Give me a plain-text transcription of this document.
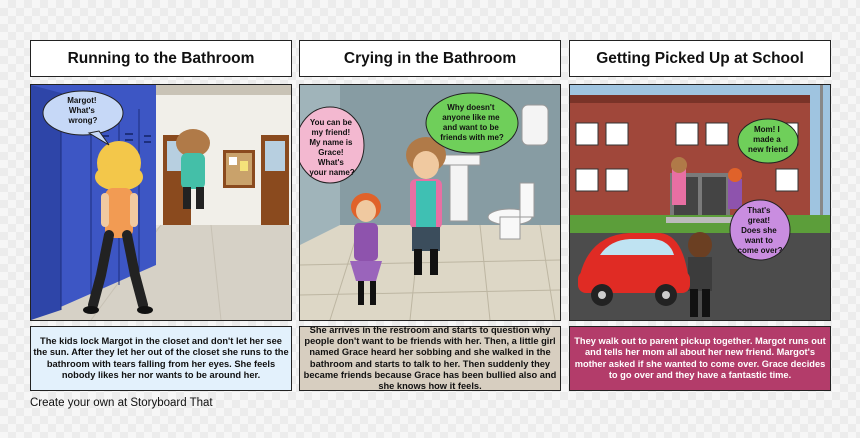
Running to the Bathroom
Margot! What's wrong?
The kids lock Margot in the closet and don't let her see the sun. After they let her out of the closet she runs to the bathroom with tears falling from her eyes. She feels nobody likes her nor wants to be around her.
Crying in the Bathroom
You can be my friend! My name is Grace! What's your name?
Why doesn't anyone like me and want to be friends with me?
She arrives in the restroom and starts to question why people don't want to be friends with her. Then, a little girl named Grace heard her sobbing and she walked in the bathroom and starts to talk to her. Then suddenly they became friends because Grace has been bullied also and she knows how it feels.
Getting Picked Up at School
Mom! I made a new friend
That's great! Does she want to come over?
They walk out to parent pickup together. Margot runs out and tells her mom all about her new friend. Margot's mother asked if she wanted to come over. Grace decides to go over and they have a fantastic time.
Create your own at Storyboard That
